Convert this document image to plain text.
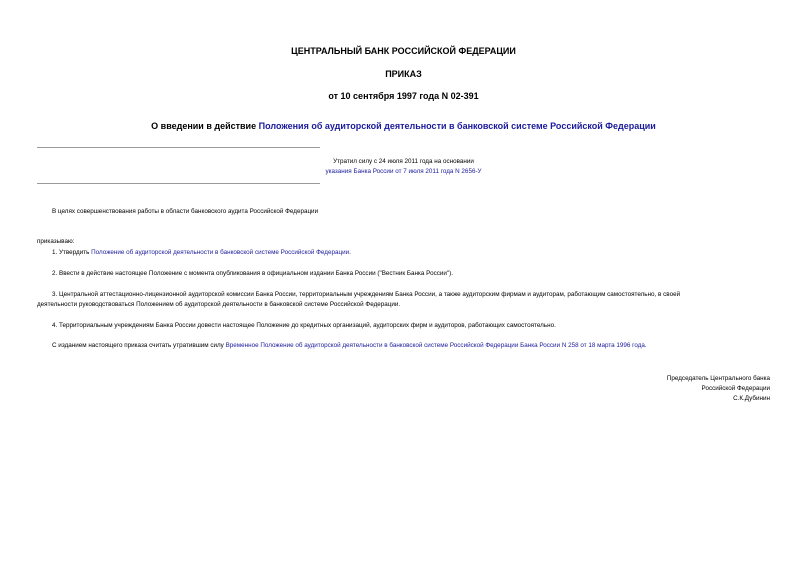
ЦЕНТРАЛЬНЫЙ БАНК РОССИЙСКОЙ ФЕДЕРАЦИИ
ПРИКАЗ
от 10 сентября 1997 года N 02-391
О введении в действие Положения об аудиторской деятельности в банковской системе Российской Федерации
Утратил силу с 24 июля 2011 года на основании
указания Банка России от 7 июля 2011 года N 2656-У
В целях совершенствования работы в области банковского аудита Российской Федерации
приказываю:
1. Утвердить Положение об аудиторской деятельности в банковской системе Российской Федерации.
2. Ввести в действие настоящее Положение с момента опубликования в официальном издании Банка России ("Вестник Банка России").
3. Центральной аттестационно-лицензионной аудиторской комиссии Банка России, территориальным учреждениям Банка России, а также аудиторским фирмам и аудиторам, работающим самостоятельно, в своей
деятельности руководствоваться Положением об аудиторской деятельности в банковской системе Российской Федерации.
4. Территориальным учреждениям Банка России довести настоящее Положение до кредитных организаций, аудиторских фирм и аудиторов, работающих самостоятельно.
С изданием настоящего приказа считать утратившим силу Временное Положение об аудиторской деятельности в банковской системе Российской Федерации Банка России N 258 от 18 марта 1996 года.
Председатель Центрального банка
Российской Федерации
С.К.Дубинин
